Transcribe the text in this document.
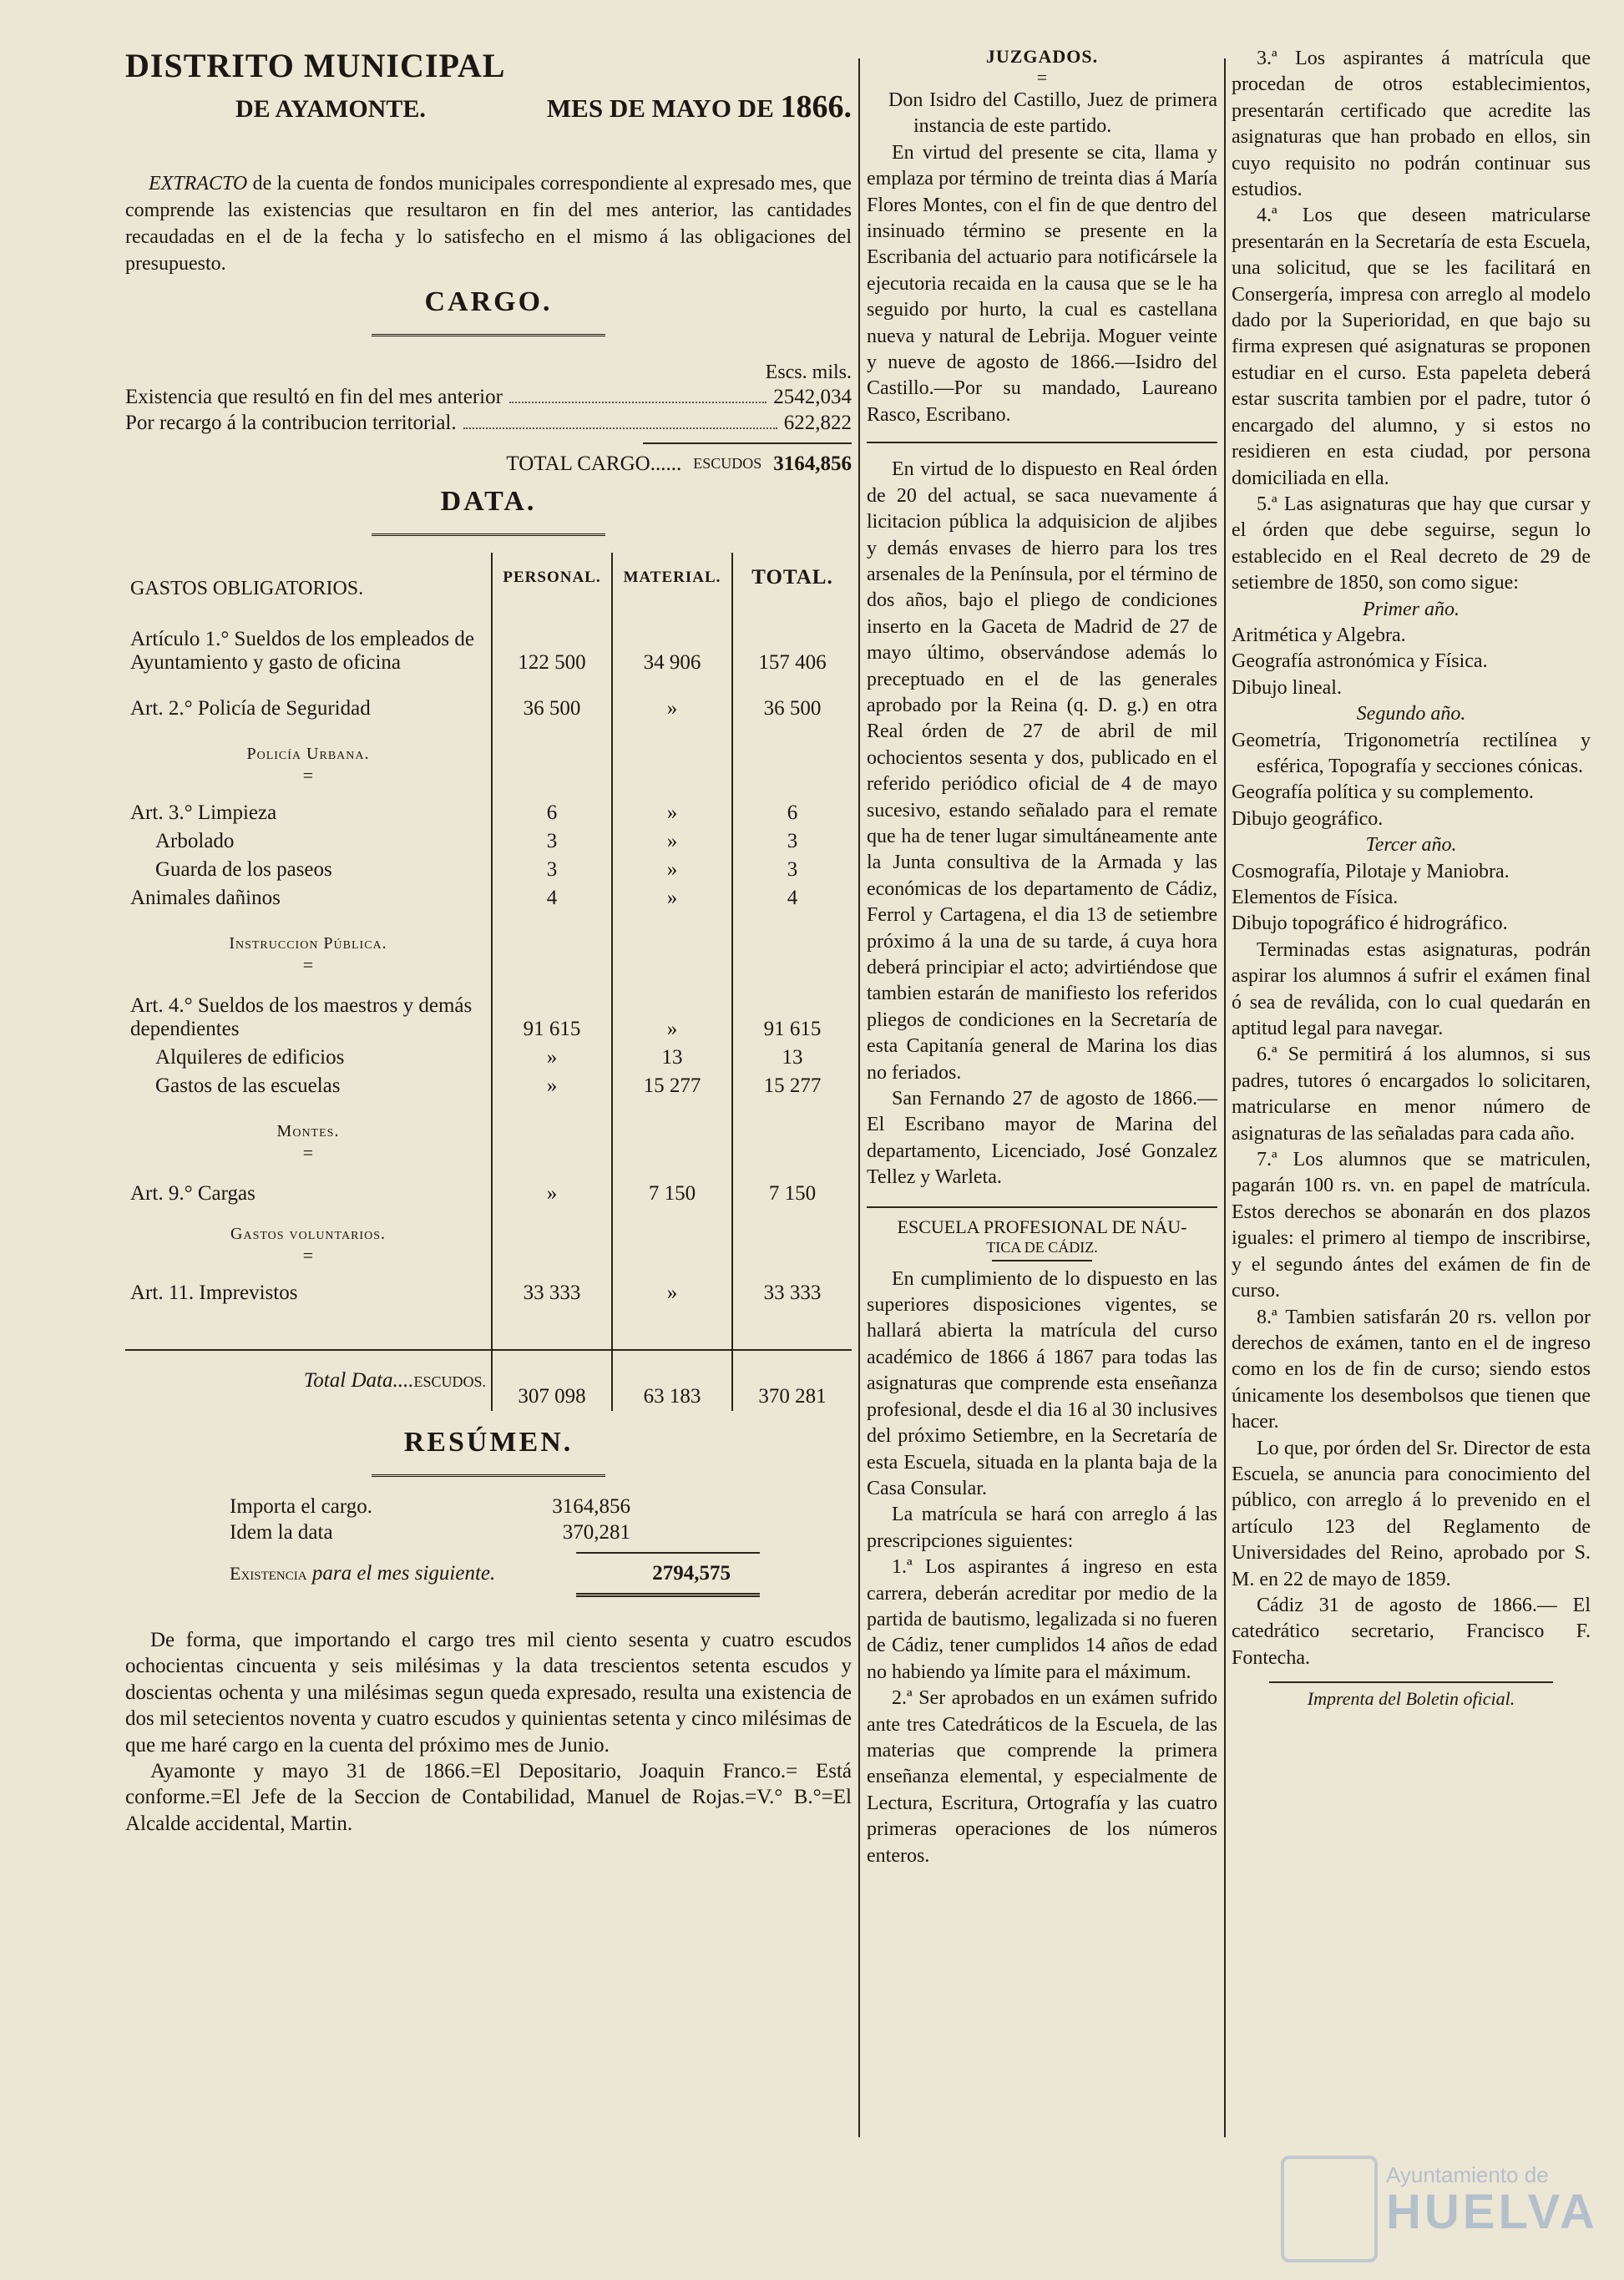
DISTRITO MUNICIPAL
DE AYAMONTE.	MES DE MAYO DE 1866.

EXTRACTO de la cuenta de fondos municipales correspondiente al expresado mes, que comprende las existencias que resultaron en fin del mes anterior, las cantidades recaudadas en el de la fecha y lo satisfecho en el mismo á las obligaciones del presupuesto.

CARGO.
Escs. mils.
Existencia que resultó en fin del mes anterior	2542,034
Por recargo á la contribucion territorial.	622,822
TOTAL CARGO...... ESCUDOS 3164,856
DATA.
GASTOS OBLIGATORIOS.	PERSONAL.	MATERIAL.	TOTAL.
Artículo 1.° Sueldos de los empleados de Ayuntamiento y gasto de oficina	122 500	34 906	157 406
Art. 2.° Policía de Seguridad	36 500	»	36 500
Policía Urbana.			
=			
Art. 3.° Limpieza	6	»	6
Arbolado	3	»	3
Guarda de los paseos	3	»	3
Animales dañinos	4	»	4
Instruccion Pública.			
=			
Art. 4.° Sueldos de los maestros y demás dependientes	91 615	»	91 615
Alquileres de edificios	»	13	13
Gastos de las escuelas	»	15 277	15 277
Montes.			
=			
Art. 9.° Cargas	»	7 150	7 150
Gastos voluntarios.			
=			
Art. 11. Imprevistos	33 333	»	33 333

Total Data....ESCUDOS.	307 098	63 183	370 281
RESÚMEN.
Importa el cargo.	3164,856
Idem la data	370,281
Existencia para el mes siguiente.	2794,575

De forma, que importando el cargo tres mil ciento sesenta y cuatro escudos ochocientas cincuenta y seis milésimas y la data trescientos setenta escudos y doscientas ochenta y una milésimas segun queda expresado, resulta una existencia de dos mil setecientos noventa y cuatro escudos y quinientas setenta y cinco milésimas de que me haré cargo en la cuenta del próximo mes de Junio.

Ayamonte y mayo 31 de 1866.=El Depositario, Joaquin Franco.= Está conforme.=El Jefe de la Seccion de Contabilidad, Manuel de Rojas.=V.° B.°=El Alcalde accidental, Martin.

JUZGADOS.
=

Don Isidro del Castillo, Juez de primera instancia de este partido.

En virtud del presente se cita, llama y emplaza por término de treinta dias á María Flores Montes, con el fin de que dentro del insinuado término se presente en la Escribania del actuario para notificársele la ejecutoria recaida en la causa que se le ha seguido por hurto, la cual es castellana nueva y natural de Lebrija. Moguer veinte y nueve de agosto de 1866.—Isidro del Castillo.—Por su mandado, Laureano Rasco, Escribano.

En virtud de lo dispuesto en Real órden de 20 del actual, se saca nuevamente á licitacion pública la adquisicion de aljibes y demás envases de hierro para los tres arsenales de la Península, por el término de dos años, bajo el pliego de condiciones inserto en la Gaceta de Madrid de 27 de mayo último, observándose además lo preceptuado en el de las generales aprobado por la Reina (q. D. g.) en otra Real órden de 27 de abril de mil ochocientos sesenta y dos, publicado en el referido periódico oficial de 4 de mayo sucesivo, estando señalado para el remate que ha de tener lugar simultáneamente ante la Junta consultiva de la Armada y las económicas de los departamento de Cádiz, Ferrol y Cartagena, el dia 13 de setiembre próximo á la una de su tarde, á cuya hora deberá principiar el acto; advirtiéndose que tambien estarán de manifiesto los referidos pliegos de condiciones en la Secretaría de esta Capitanía general de Marina los dias no feriados.

San Fernando 27 de agosto de 1866.—El Escribano mayor de Marina del departamento, Licenciado, José Gonzalez Tellez y Warleta.

ESCUELA PROFESIONAL DE NÁU-
TICA DE CÁDIZ.

En cumplimiento de lo dispuesto en las superiores disposiciones vigentes, se hallará abierta la matrícula del curso académico de 1866 á 1867 para todas las asignaturas que comprende esta enseñanza profesional, desde el dia 16 al 30 inclusives del próximo Setiembre, en la Secretaría de esta Escuela, situada en la planta baja de la Casa Consular.

La matrícula se hará con arreglo á las prescripciones siguientes:

1.ª Los aspirantes á ingreso en esta carrera, deberán acreditar por medio de la partida de bautismo, legalizada si no fueren de Cádiz, tener cumplidos 14 años de edad no habiendo ya límite para el máximum.

2.ª Ser aprobados en un exámen sufrido ante tres Catedráticos de la Escuela, de las materias que comprende la primera enseñanza elemental, y especialmente de Lectura, Escritura, Ortografía y las cuatro primeras operaciones de los números enteros.

3.ª Los aspirantes á matrícula que procedan de otros establecimientos, presentarán certificado que acredite las asignaturas que han probado en ellos, sin cuyo requisito no podrán continuar sus estudios.

4.ª Los que deseen matricularse presentarán en la Secretaría de esta Escuela, una solicitud, que se les facilitará en Consergería, impresa con arreglo al modelo dado por la Superioridad, en que bajo su firma expresen qué asignaturas se proponen estudiar en el curso. Esta papeleta deberá estar suscrita tambien por el padre, tutor ó encargado del alumno, y si estos no residieren en esta ciudad, por persona domiciliada en ella.

5.ª Las asignaturas que hay que cursar y el órden que debe seguirse, segun lo establecido en el Real decreto de 29 de setiembre de 1850, son como sigue:

Primer año.

Aritmética y Algebra.

Geografía astronómica y Física.

Dibujo lineal.

Segundo año.

Geometría, Trigonometría rectilínea y esférica, Topografía y secciones cónicas.

Geografía política y su complemento.

Dibujo geográfico.

Tercer año.

Cosmografía, Pilotaje y Maniobra.

Elementos de Física.

Dibujo topográfico é hidrográfico.

Terminadas estas asignaturas, podrán aspirar los alumnos á sufrir el exámen final ó sea de reválida, con lo cual quedarán en aptitud legal para navegar.

6.ª Se permitirá á los alumnos, si sus padres, tutores ó encargados lo solicitaren, matricularse en menor número de asignaturas de las señaladas para cada año.

7.ª Los alumnos que se matriculen, pagarán 100 rs. vn. en papel de matrícula. Estos derechos se abonarán en dos plazos iguales: el primero al tiempo de inscribirse, y el segundo ántes del exámen de fin de curso.

8.ª Tambien satisfarán 20 rs. vellon por derechos de exámen, tanto en el de ingreso como en los de fin de curso; siendo estos únicamente los desembolsos que tienen que hacer.

Lo que, por órden del Sr. Director de esta Escuela, se anuncia para conocimiento del público, con arreglo á lo prevenido en el artículo 123 del Reglamento de Universidades del Reino, aprobado por S. M. en 22 de mayo de 1859.

Cádiz 31 de agosto de 1866.— El catedrático secretario, Francisco F. Fontecha.

Imprenta del Boletin oficial.

Ayuntamiento de
HUELVA
